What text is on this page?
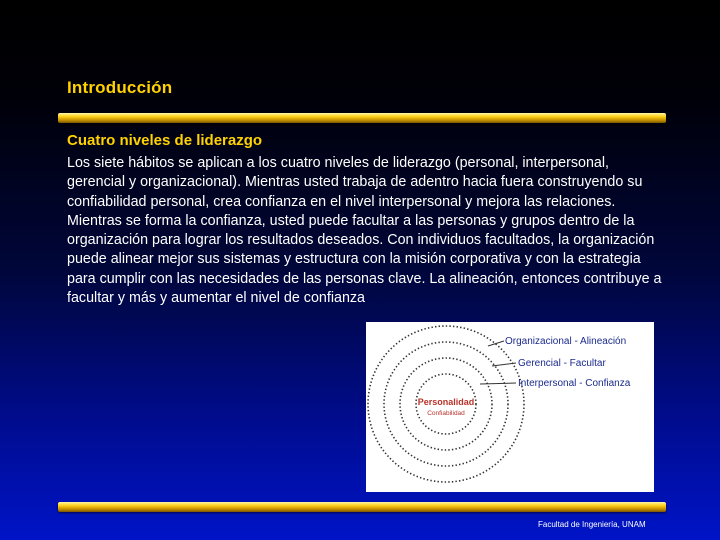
Introducción
Cuatro niveles de liderazgo

Los siete hábitos se aplican a los cuatro niveles de liderazgo (personal, interpersonal, gerencial y organizacional). Mientras usted trabaja de adentro hacia fuera construyendo su confiabilidad personal, crea confianza en el nivel interpersonal y mejora las relaciones. Mientras se forma la confianza, usted puede facultar a las personas y grupos dentro de la organización para lograr los resultados deseados. Con individuos facultados, la organización puede alinear mejor sus sistemas y estructura con la misión corporativa y con la estrategia para cumplir con las necesidades de las personas clave. La alineación, entonces contribuye a facultar y más y aumentar el nivel de confianza

Organizacional - Alineación
Gerencial - Facultar
Interpersonal - Confianza
Personalidad
Confiabilidad
Facultad de Ingeniería, UNAM
